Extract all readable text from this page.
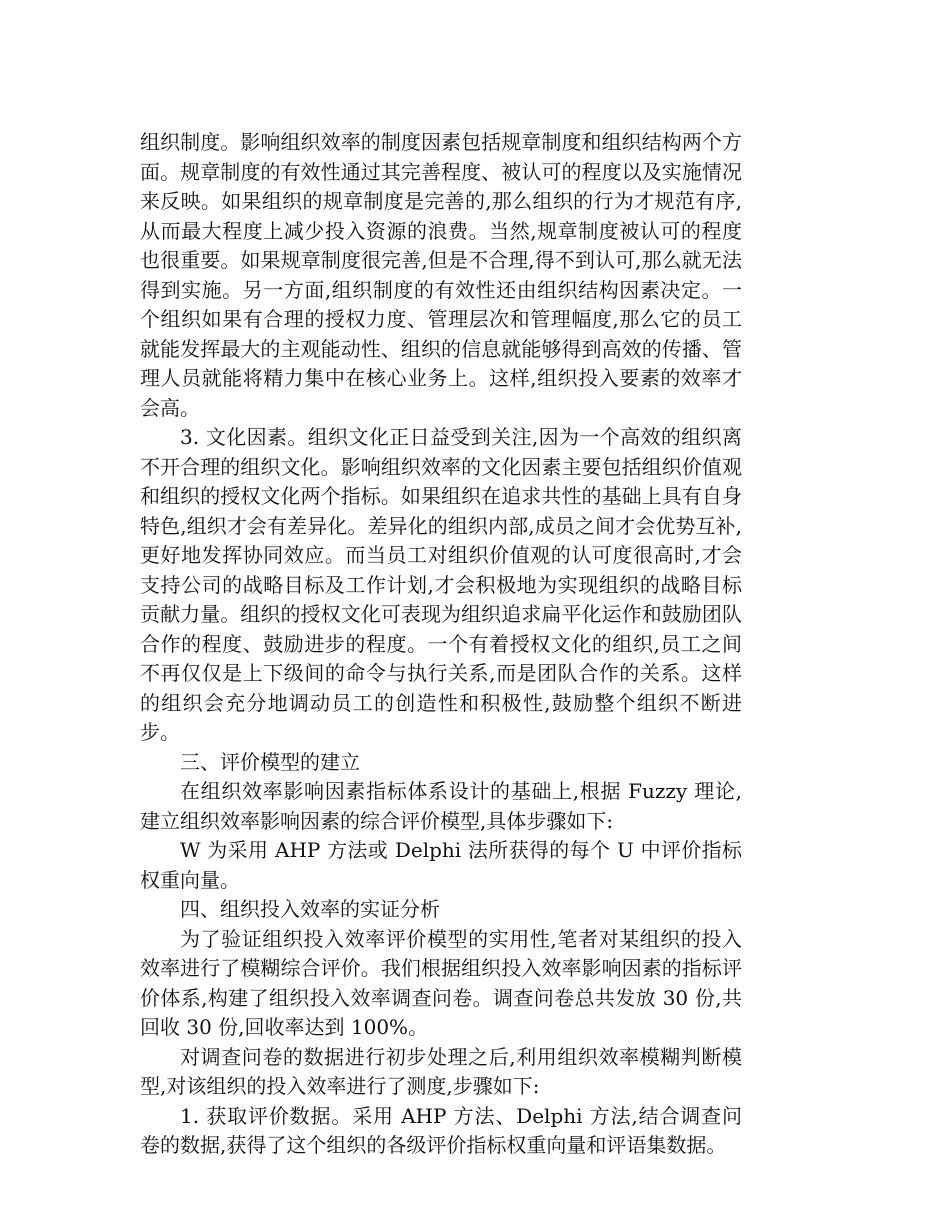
组织制度。影响组织效率的制度因素包括规章制度和组织结构两个方面。规章制度的有效性通过其完善程度、被认可的程度以及实施情况来反映。如果组织的规章制度是完善的,那么组织的行为才规范有序,从而最大程度上减少投入资源的浪费。当然,规章制度被认可的程度也很重要。如果规章制度很完善,但是不合理,得不到认可,那么就无法得到实施。另一方面,组织制度的有效性还由组织结构因素决定。一个组织如果有合理的授权力度、管理层次和管理幅度,那么它的员工就能发挥最大的主观能动性、组织的信息就能够得到高效的传播、管理人员就能将精力集中在核心业务上。这样,组织投入要素的效率才会高。

3. 文化因素。组织文化正日益受到关注,因为一个高效的组织离不开合理的组织文化。影响组织效率的文化因素主要包括组织价值观和组织的授权文化两个指标。如果组织在追求共性的基础上具有自身特色,组织才会有差异化。差异化的组织内部,成员之间才会优势互补,更好地发挥协同效应。而当员工对组织价值观的认可度很高时,才会支持公司的战略目标及工作计划,才会积极地为实现组织的战略目标贡献力量。组织的授权文化可表现为组织追求扁平化运作和鼓励团队合作的程度、鼓励进步的程度。一个有着授权文化的组织,员工之间不再仅仅是上下级间的命令与执行关系,而是团队合作的关系。这样的组织会充分地调动员工的创造性和积极性,鼓励整个组织不断进步。

三、评价模型的建立

在组织效率影响因素指标体系设计的基础上,根据 Fuzzy 理论,建立组织效率影响因素的综合评价模型,具体步骤如下:

W 为采用 AHP 方法或 Delphi 法所获得的每个 U 中评价指标权重向量。

四、组织投入效率的实证分析

为了验证组织投入效率评价模型的实用性,笔者对某组织的投入效率进行了模糊综合评价。我们根据组织投入效率影响因素的指标评价体系,构建了组织投入效率调查问卷。调查问卷总共发放 30 份,共回收 30 份,回收率达到 100%。

对调查问卷的数据进行初步处理之后,利用组织效率模糊判断模型,对该组织的投入效率进行了测度,步骤如下:

1. 获取评价数据。采用 AHP 方法、Delphi 方法,结合调查问卷的数据,获得了这个组织的各级评价指标权重向量和评语集数据。
